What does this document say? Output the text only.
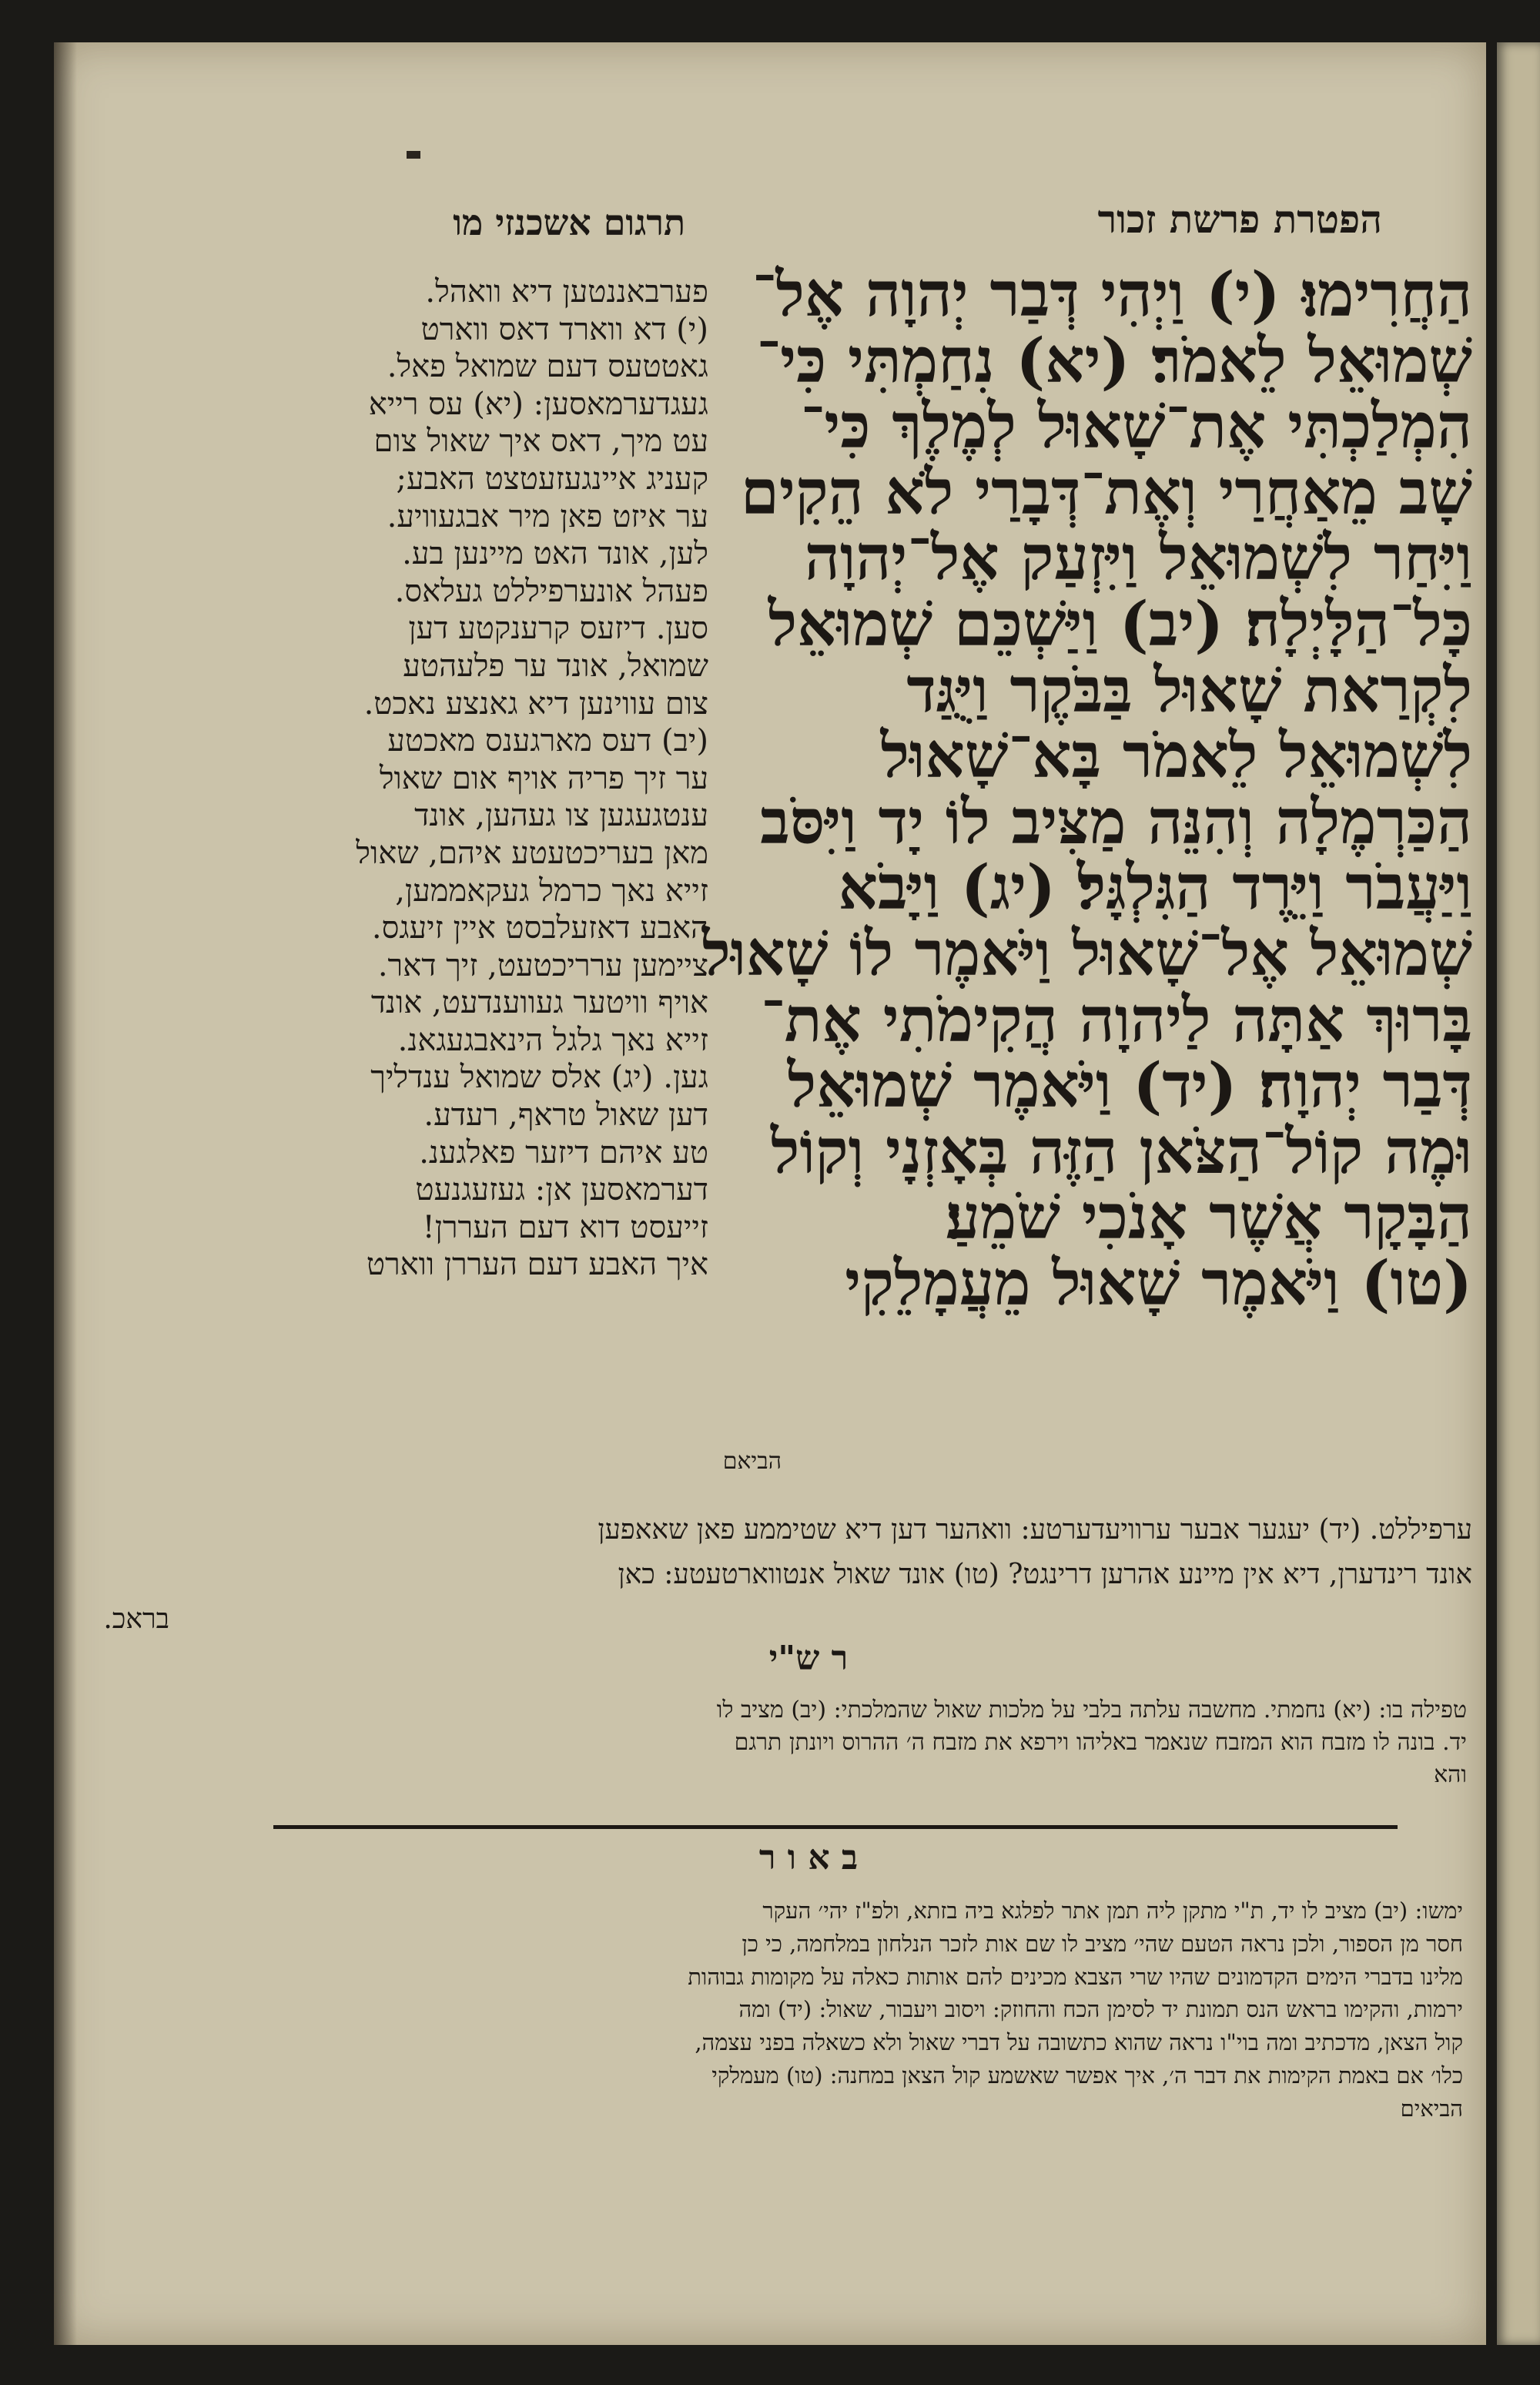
הפטרת פרשת זכור
תרגום אשכנזי מו
הַחֲרִימוּ׃ (י) וַיְהִי דְּבַר יְהוָה אֶל־
שְׁמוּאֵל לֵאמֹר׃ (יא) נִחַמְתִּי כִּי־
הִמְלַכְתִּי אֶת־שָׁאוּל לְמֶלֶךְ כִּי־
שָׁב מֵאַחֲרַי וְאֶת־דְּבָרַי לֹא הֵקִים
וַיִּחַר לִשְׁמוּאֵל וַיִּזְעַק אֶל־יְהוָה
כָּל־הַלָּיְלָה׃ (יב) וַיַּשְׁכֵּם שְׁמוּאֵל
לִקְרַאת שָׁאוּל בַּבֹּקֶר וַיֻּגַּד
לִשְׁמוּאֵל לֵאמֹר בָּא־שָׁאוּל
הַכַּרְמֶלָה וְהִנֵּה מַצִּיב לוֹ יָד וַיִּסֹּב
וַיַּעֲבֹר וַיֵּרֶד הַגִּלְגָּל׃ (יג) וַיָּבֹא
שְׁמוּאֵל אֶל־שָׁאוּל וַיֹּאמֶר לוֹ שָׁאוּל
בָּרוּךְ אַתָּה לַיהוָה הֲקִימֹתִי אֶת־
דְּבַר יְהוָה׃ (יד) וַיֹּאמֶר שְׁמוּאֵל
וּמֶה קוֹל־הַצֹּאן הַזֶּה בְּאָזְנָי וְקוֹל
הַבָּקָר אֲשֶׁר אָנֹכִי שֹׁמֵעַ׃
(טו) וַיֹּאמֶר שָׁאוּל מֵעֲמָלֵקִי
הביאם
פערבאננטען דיא וואהל.
(י) דא ווארד דאס ווארט
גאטטעס דעם שמואל פאל.
געגדערמאסען: (יא) עס רייא
עט מיך, דאס איך שאול צום
קעניג איינגעזעטצט האבע;
ער איזט פאן מיר אבגעוויע.
לען, אונד האט מיינען בע.
פעהל אונערפיללט געלאס.
סען. דיזעס קרענקטע דען
שמואל, אונד ער פלעהטע
צום עווינען דיא גאנצע נאכט.
(יב) דעס מארגענס מאכטע
ער זיך פריה אויף אום שאול
ענטגעגען צו געהען, אונד
מאן בעריכטעטע איהם, שאול
זייא נאך כרמל געקאממען,
האבע דאזעלבסט איין זיעגס.
ציימען ערריכטעט, זיך דאר.
אויף וויטער געווענדעט, אונד
זייא נאך גלגל הינאבגעגאנ.
גען. (יג) אלס שמואל ענדליך
דען שאול טראף, רעדע.
טע איהם דיזער פאלגענ.
דערמאסען אן: געזעגנעט
זייעסט דוא דעם העררן!
איך האבע דעם העררן ווארט
ערפיללט. (יד) יעגער אבער ערוויעדערטע: וואהער דען דיא שטיממע פאן שאאפען
אונד רינדערן, דיא אין מיינע אהרען דרינגט? (טו) אונד שאול אנטווארטעטע: כאן
בראכ.
ר ש"י
טפילה בו: (יא) נחמתי. מחשבה עלתה בלבי על מלכות שאול שהמלכתי: (יב) מציב לו
יד. בונה לו מזבח הוא המזבח שנאמר באליהו וירפא את מזבח ה׳ ההרוס ויונתן תרגם
והא
ב א ו ר
ימשו: (יב) מציב לו יד, ת"י מתקן ליה תמן אתר לפלגא ביה בזתא, ולפ"ז יהי׳ העקר
חסר מן הספור, ולכן נראה הטעם שהי׳ מציב לו שם אות לזכר הנלחון במלחמה, כי כן
מלינו בדברי הימים הקדמונים שהיו שרי הצבא מכינים להם אותות כאלה על מקומות גבוהות
ירמות, והקימו בראש הנס תמונת יד לסימן הכח והחוזק: ויסוב ויעבור, שאול: (יד) ומה
קול הצאן, מדכתיב ומה בוי"ו נראה שהוא כתשובה על דברי שאול ולא כשאלה בפני עצמה,
כלו׳ אם באמת הקימות את דבר ה׳, איך אפשר שאשמע קול הצאן במחנה: (טו) מעמלקי
הביאים
